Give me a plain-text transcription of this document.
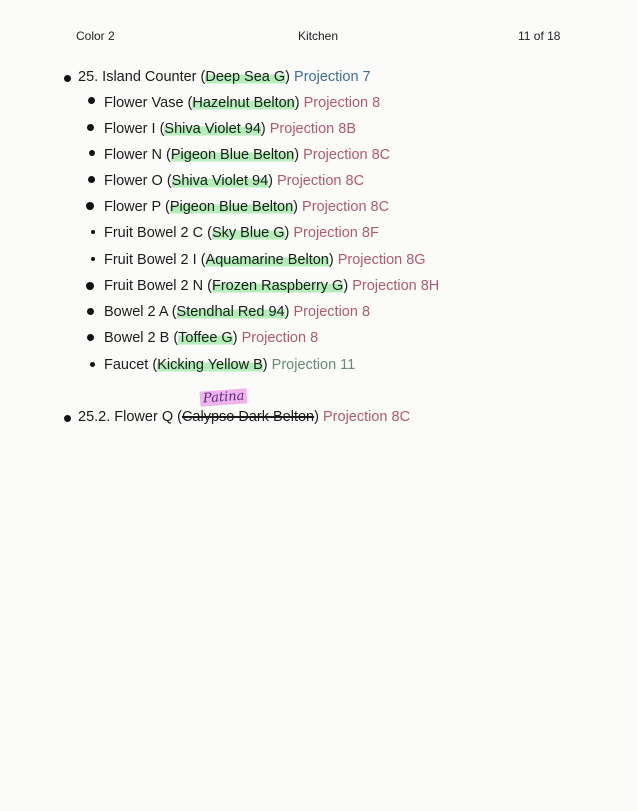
Color 2	Kitchen	11 of 18
25. Island Counter (Deep Sea G) Projection 7
Flower Vase (Hazelnut Belton) Projection 8
Flower I (Shiva Violet 94) Projection 8B
Flower N (Pigeon Blue Belton) Projection 8C
Flower O (Shiva Violet 94) Projection 8C
Flower P (Pigeon Blue Belton) Projection 8C
Fruit Bowel 2 C (Sky Blue G) Projection 8F
Fruit Bowel 2 I (Aquamarine Belton) Projection 8G
Fruit Bowel 2 N (Frozen Raspberry G) Projection 8H
Bowel 2 A (Stendhal Red 94) Projection 8
Bowel 2 B (Toffee G) Projection 8
Faucet (Kicking Yellow B) Projection 11
Patina
25.2. Flower Q (Calypso Dark Belton) Projection 8C
